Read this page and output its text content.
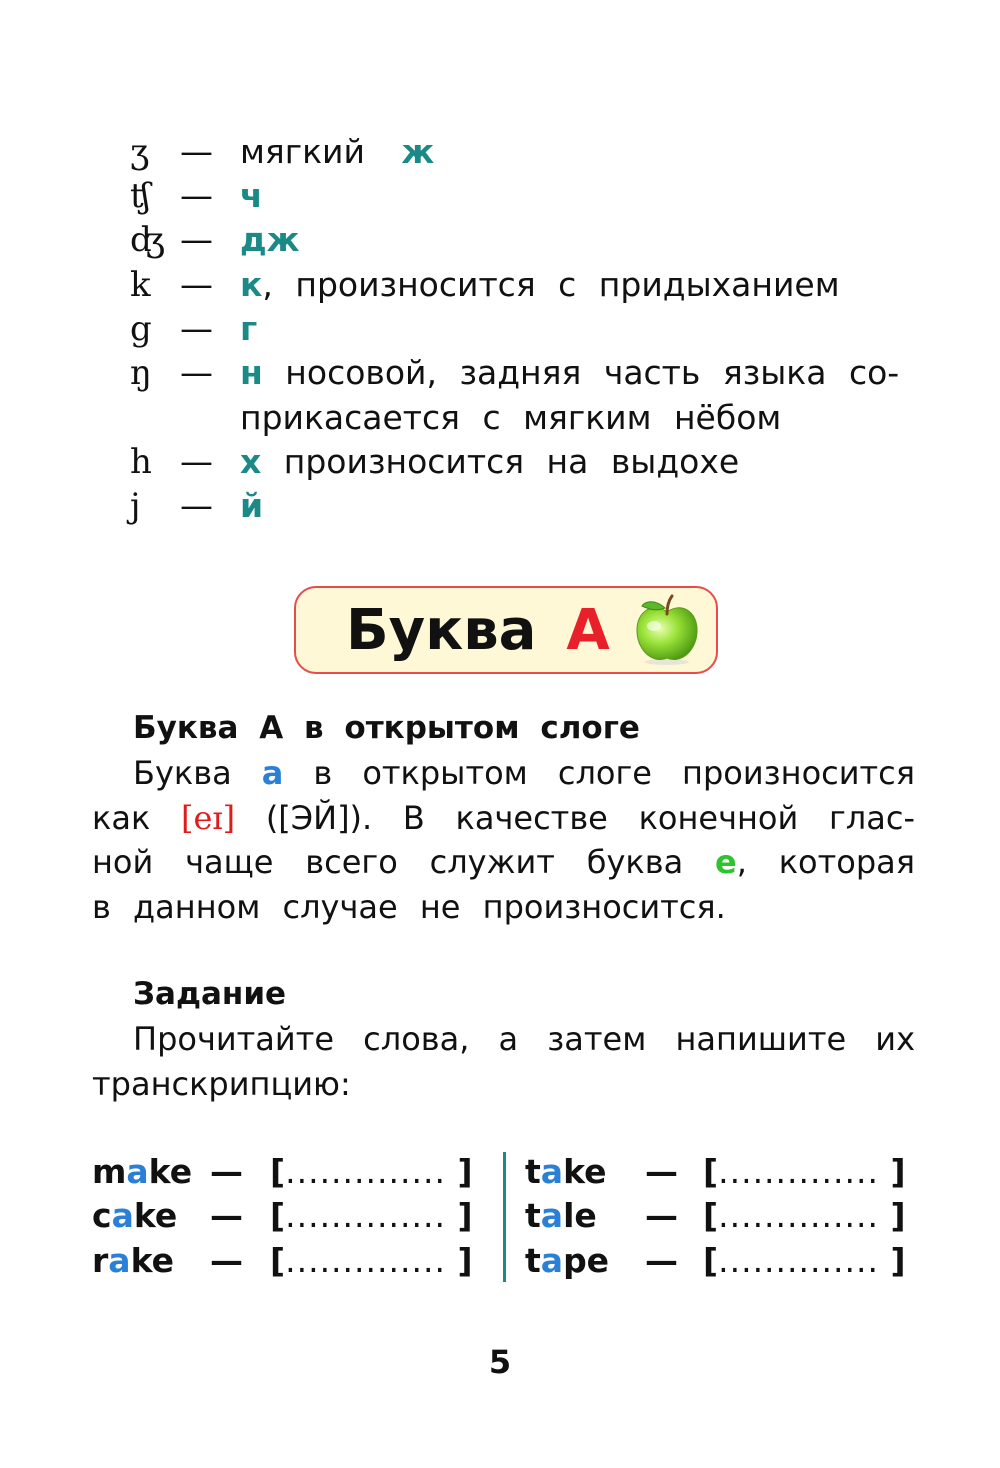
ʒ — мягкий ж
ʧ — ч
ʤ — дж
k — к, произносится с придыханием
g — г
ŋ — н носовой, задняя часть языка со-
прикасается с мягким нёбом
h — х произносится на выдохе
j	— й
Буква А
Буква А в открытом слоге
Буква а в открытом слоге произносится
как [eɪ] ([ЭЙ]). В качестве конечной глас-
ной чаще всего служит буква e, которая
в данном случае не произносится.
Задание
Прочитайте слова, а затем напишите их
транскрипцию:
make — [.............. ]
cake — [.............. ]
rake — [.............. ]
take — [.............. ]
tale — [.............. ]
tape — [.............. ]
5
